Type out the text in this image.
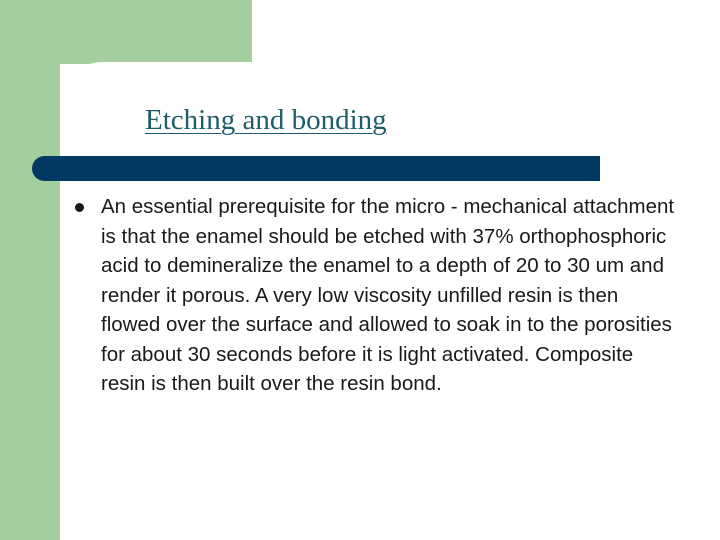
Etching and bonding

An essential prerequisite for the micro - mechanical attachment is that the enamel should be etched with 37% orthophosphoric acid to demineralize the enamel to a depth of 20 to 30 um and render it porous. A very low viscosity unfilled resin is then flowed over the surface and allowed to soak in to the porosities for about 30 seconds before it is light activated. Composite resin is then built over the resin bond.
